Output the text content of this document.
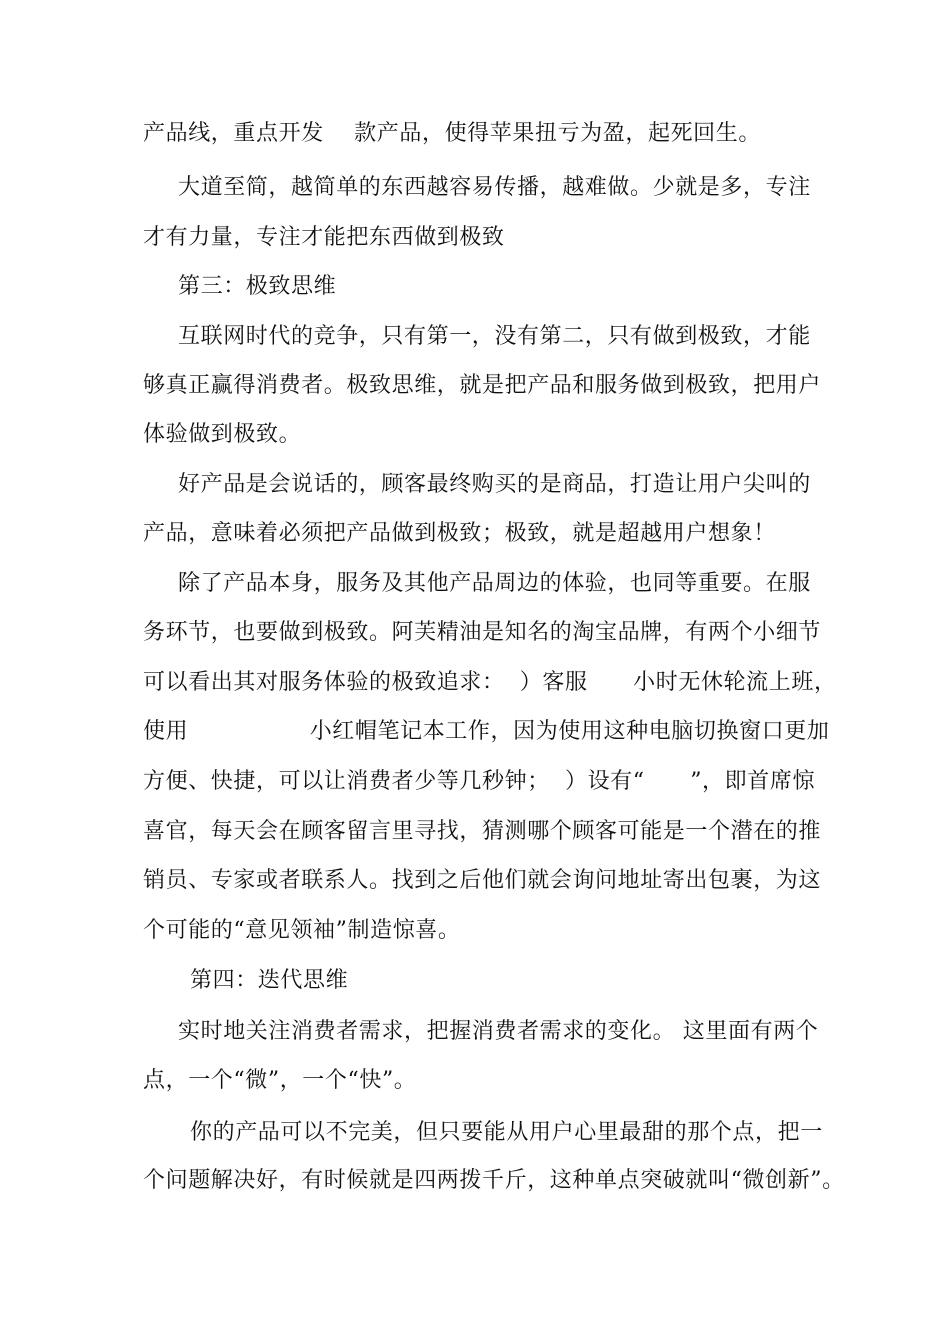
产品线，重点开发    款产品，使得苹果扭亏为盈，起死回生。
大道至简，越简单的东西越容易传播，越难做。少就是多，专注
才有力量，专注才能把东西做到极致
第三：极致思维
互联网时代的竞争，只有第一，没有第二，只有做到极致，才能
够真正赢得消费者。极致思维，就是把产品和服务做到极致，把用户
体验做到极致。
好产品是会说话的，顾客最终购买的是商品，打造让用户尖叫的
产品，意味着必须把产品做到极致；极致，就是超越用户想象！
除了产品本身，服务及其他产品周边的体验，也同等重要。在服
务环节，也要做到极致。阿芙精油是知名的淘宝品牌，有两个小细节
可以看出其对服务体验的极致追求：  ）客服      小时无休轮流上班，
使用                小红帽笔记本工作，因为使用这种电脑切换窗口更加
方便、快捷，可以让消费者少等几秒钟；  ）设有“      ”，即首席惊
喜官，每天会在顾客留言里寻找，猜测哪个顾客可能是一个潜在的推
销员、专家或者联系人。找到之后他们就会询问地址寄出包裹，为这
个可能的“意见领袖”制造惊喜。
第四：迭代思维
实时地关注消费者需求，把握消费者需求的变化。 这里面有两个
点，一个“微”，一个“快”。
你的产品可以不完美，但只要能从用户心里最甜的那个点，把一
个问题解决好，有时候就是四两拨千斤，这种单点突破就叫“微创新”。
